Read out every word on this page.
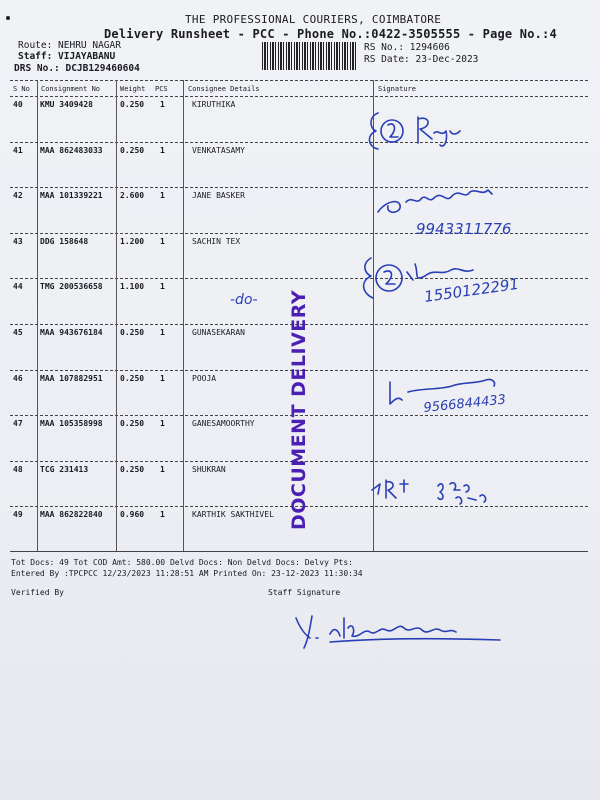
THE PROFESSIONAL COURIERS, COIMBATORE
Delivery Runsheet - PCC - Phone No.:0422-3505555 - Page No.:4
Route: NEHRU NAGAR
Staff: VIJAYABANU
DRS No.: DCJB129460604
RS No.: 1294606
RS Date: 23-Dec-2023
S No Consignment No	Weight PCS	Consignee Details	Signature
40 KMU 3409428	0.250 1	KIRUTHIKA
41 MAA 862483033 0.250 1	VENKATASAMY
42 MAA 101339221 2.600 1	JANE BASKER
43 DDG 158648	1.200 1	SACHIN TEX
44 TMG 200536658 1.100 1
45 MAA 943676184 0.250 1	GUNASEKARAN
46 MAA 107882951 0.250 1	POOJA
47 MAA 105358998 0.250 1	GANESAMOORTHY
48 TCG 231413	0.250 1	SHUKRAN
49 MAA 862822840 0.960 1	KARTHIK SAKTHIVEL
Tot Docs: 49 Tot COD Amt: 580.00 Delvd Docs: Non Delvd Docs: Delvy Pts:
Entered By :TPCPCC 12/23/2023 11:28:51 AM Printed On: 23-12-2023 11:30:34
Verified By	Staff Signature
DOCUMENT DELIVERY
9943311776
1550122291
-do-
9566844433
